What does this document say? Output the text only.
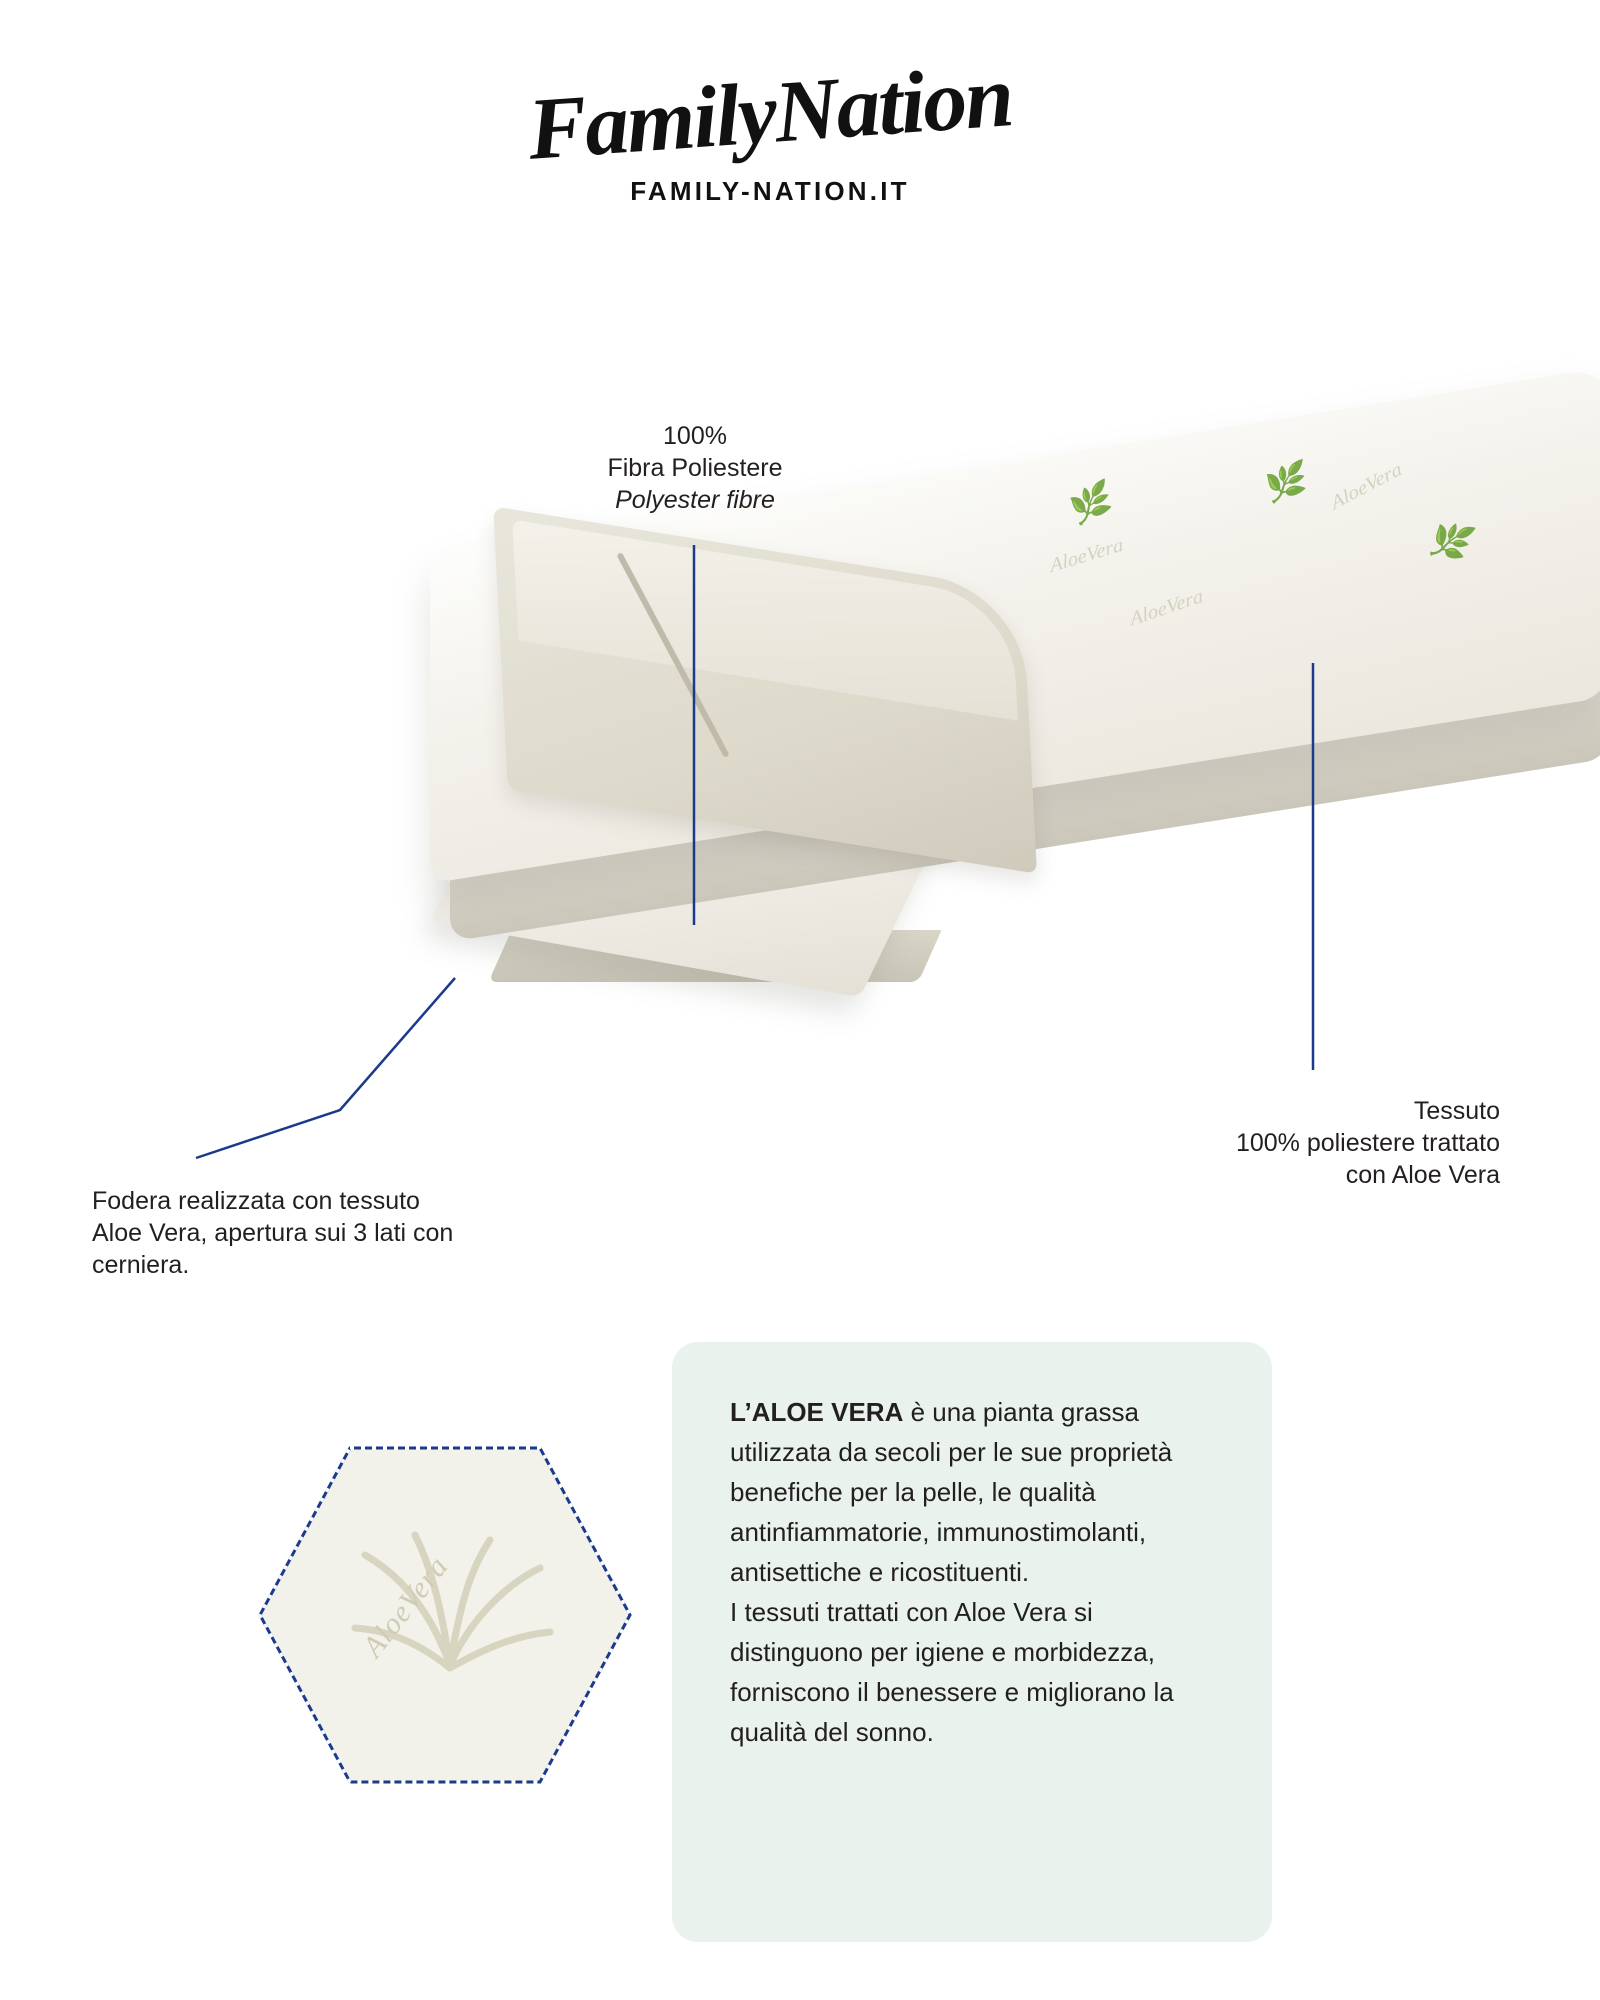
FamilyNation
FAMILY-NATION.IT
AloeVera
AloeVera
AloeVera
🌿
🌿
🌿
100%
Fibra Poliestere
Polyester fibre
Tessuto
100% poliestere trattato
con Aloe Vera
Fodera realizzata con tessuto
Aloe Vera, apertura sui 3 lati con
cerniera.
AloeVera

L’ALOE VERA è una pianta grassa utilizzata da secoli per le sue proprietà benefiche per la pelle, le qualità antinfiammatorie, immunostimolanti, antisettiche e ricostituenti.

I tessuti trattati con Aloe Vera si distinguono per igiene e morbidezza, forniscono il benessere e migliorano la qualità del sonno.
